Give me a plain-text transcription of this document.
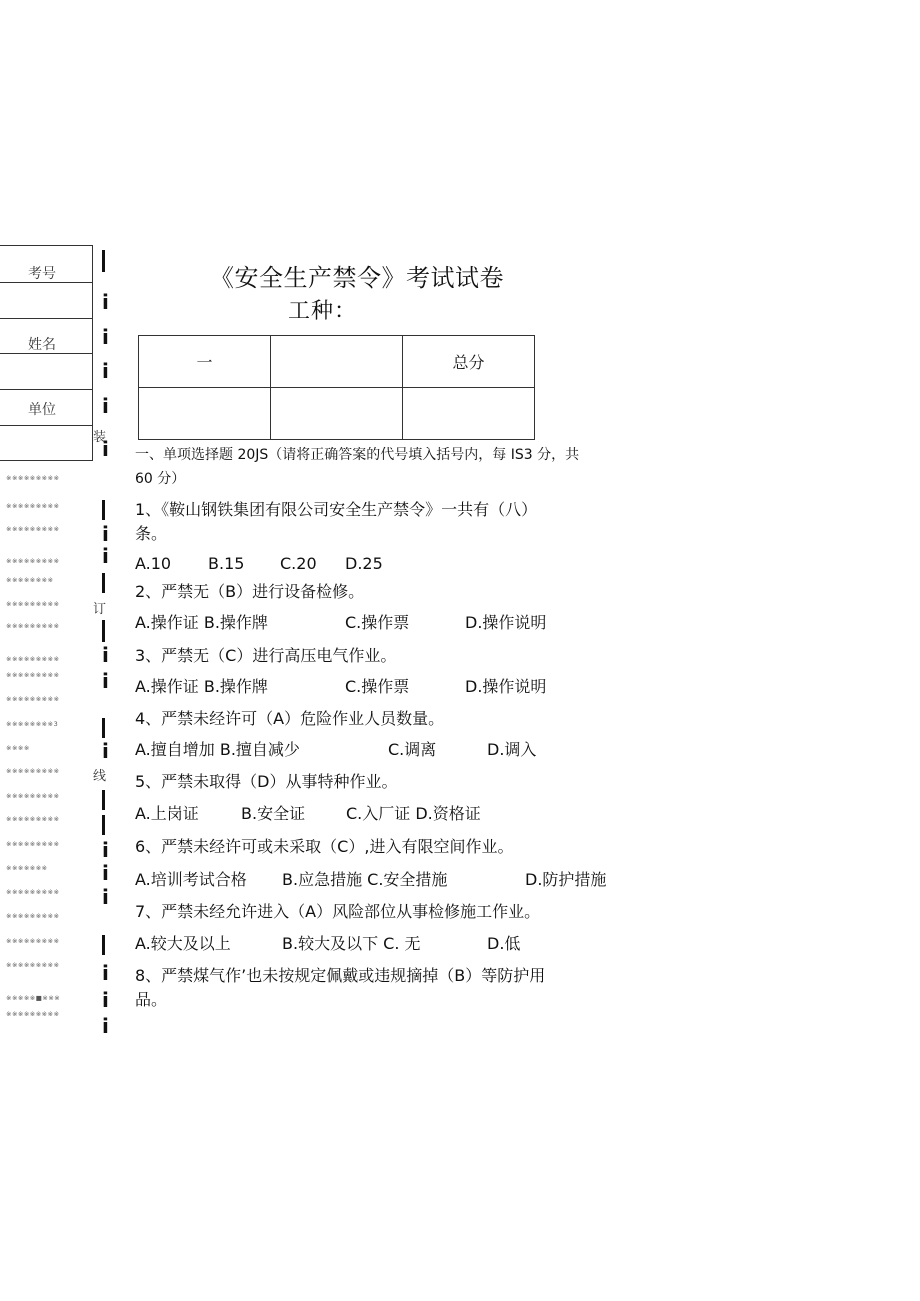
考号
姓名
单位
装
订
线
※※※※※※※※※
※※※※※※※※※
※※※※※※※※※
※※※※※※※※※
※※※※※※※※
※※※※※※※※※
※※※※※※※※※
※※※※※※※※※
※※※※※※※※※
※※※※※※※※※
※※※※※※※※3
※※※※
※※※※※※※※※
※※※※※※※※※
※※※※※※※※※
※※※※※※※※※
※※※※※※※
※※※※※※※※※
※※※※※※※※※
※※※※※※※※※
※※※※※※※※※
※※※※※■※※※
※※※※※※※※※
i
i
i
i
i
i
i
i
i
i
i
i
i
i
i
i
《安全生产禁令》考试试卷
工种：
一		总分

一、单项选择题 20JS（请将正确答案的代号填入括号内，每 IS3 分，共
60 分）
1、《鞍山钢铁集团有限公司安全生产禁令》一共有（八）
条。
A.10 B.15 C.20 D.25
2、严禁无（B）进行设备检修。
A.操作证 B.操作牌	C.操作票	D.操作说明
3、严禁无（C）进行高压电气作业。
A.操作证 B.操作牌	C.操作票	D.操作说明
4、严禁未经许可（A）危险作业人员数量。
A.擅自增加 B.擅自减少	C.调离	D.调入
5、严禁未取得（D）从事特种作业。
A.上岗证	B.安全证	C.入厂证 D.资格证
6、严禁未经许可或未采取（C）,进入有限空间作业。
A.培训考试合格 B.应急措施 C.安全措施	D.防护措施
7、严禁未经允许进入（A）风险部位从事检修施工作业。
A.较大及以上	B.较大及以下 C. 无	D.低
8、严禁煤气作’也未按规定佩戴或违规摘掉（B）等防护用
品。
